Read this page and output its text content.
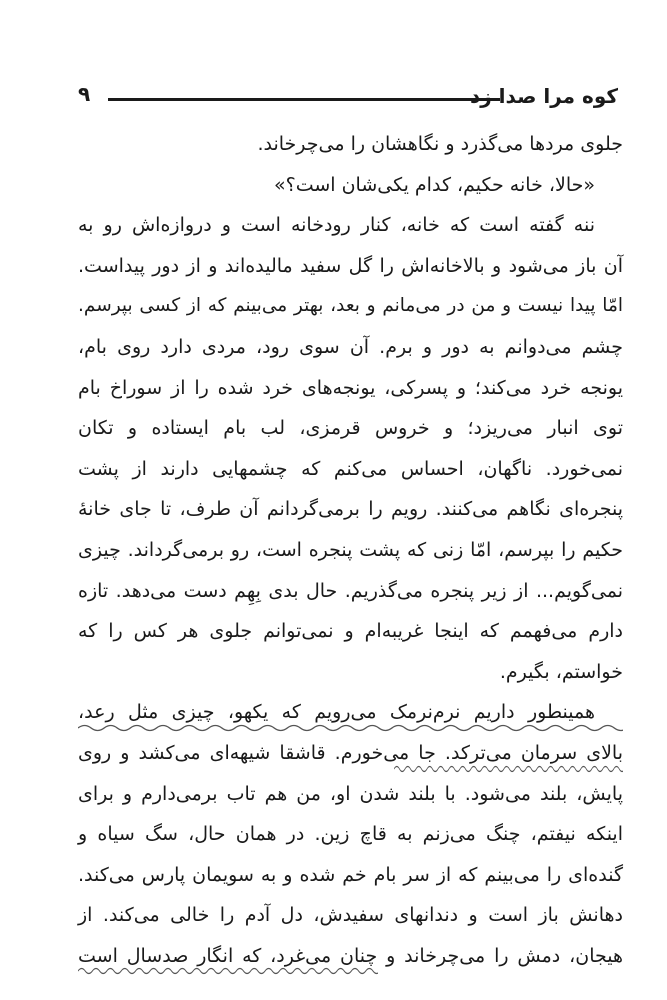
کوه مرا صدا زد
۹
جلوی مردها می‌گذرد و نگاهشان را می‌چرخاند.
«حالا، خانه حکیم، کدام یکی‌شان است؟»
ننه گفته است که خانه، کنار رودخانه است و دروازه‌اش رو به
آن باز می‌شود و بالاخانه‌اش را گل سفید مالیده‌اند و از دور پیداست.
امّا پیدا نیست و من در می‌مانم و بعد، بهتر می‌بینم که از کسی بپرسم.
چشم می‌دوانم به دور و برم. آن سوی رود، مردی دارد روی بام،
یونجه خرد می‌کند؛ و پسرکی، یونجه‌های خرد شده را از سوراخ بام
توی انبار می‌ریزد؛ و خروس قرمزی، لب بام ایستاده و تکان
نمی‌خورد. ناگهان، احساس می‌کنم که چشمهایی دارند از پشت
پنجره‌ای نگاهم می‌کنند. رویم را برمی‌گردانم آن طرف، تا جای خانهٔ
حکیم را بپرسم، امّا زنی که پشت پنجره است، رو برمی‌گرداند. چیزی
نمی‌گویم... از زیر پنجره می‌گذریم. حال بدی بِهِم دست می‌دهد. تازه
دارم می‌فهمم که اینجا غریبه‌ام و نمی‌توانم جلوی هر کس را که
خواستم، بگیرم.
همینطور داریم نرم‌نرمک می‌رویم که یکهو، چیزی مثل رعد،
بالای سرمان می‌ترکد. جا می‌خورم. قاشقا شیهه‌ای می‌کشد و روی
پایش، بلند می‌شود. با بلند شدن او، من هم تاب برمی‌دارم و برای
اینکه نیفتم، چنگ می‌زنم به قاچ زین. در همان حال، سگ سیاه و
گنده‌ای را می‌بینم که از سر بام خم شده و به سویمان پارس می‌کند.
دهانش باز است و دندانهای سفیدش، دل آدم را خالی می‌کند. از
هیجان، دمش را می‌چرخاند و چنان می‌غرد، که انگار صدسال است
